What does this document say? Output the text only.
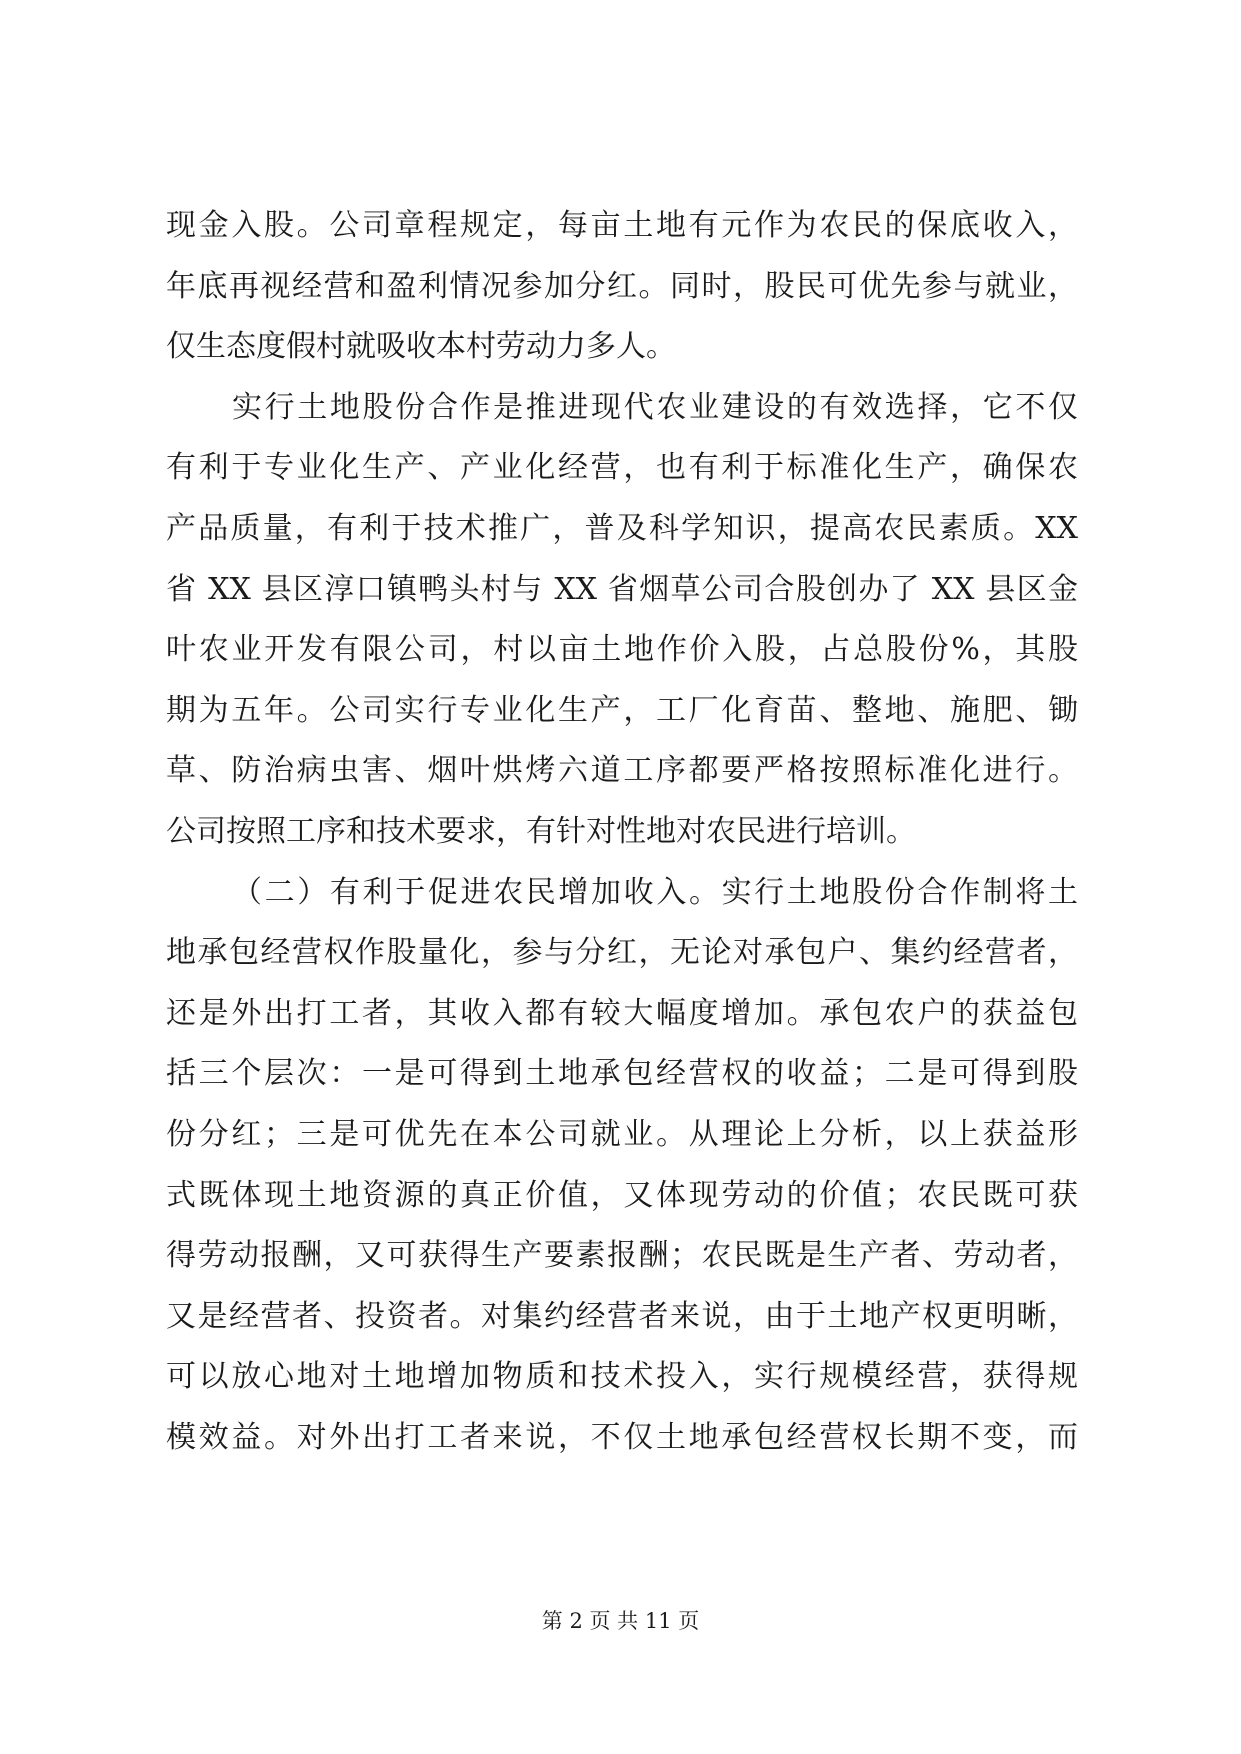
现金入股。公司章程规定，每亩土地有元作为农民的保底收入，
年底再视经营和盈利情况参加分红。同时，股民可优先参与就业，
仅生态度假村就吸收本村劳动力多人。
实行土地股份合作是推进现代农业建设的有效选择，它不仅
有利于专业化生产、产业化经营，也有利于标准化生产，确保农
产品质量，有利于技术推广，普及科学知识，提高农民素质。XX
省 XX 县区淳口镇鸭头村与 XX 省烟草公司合股创办了 XX 县区金
叶农业开发有限公司，村以亩土地作价入股，占总股份%，其股
期为五年。公司实行专业化生产，工厂化育苗、整地、施肥、锄
草、防治病虫害、烟叶烘烤六道工序都要严格按照标准化进行。
公司按照工序和技术要求，有针对性地对农民进行培训。
（二）有利于促进农民增加收入。实行土地股份合作制将土
地承包经营权作股量化，参与分红，无论对承包户、集约经营者，
还是外出打工者，其收入都有较大幅度增加。承包农户的获益包
括三个层次：一是可得到土地承包经营权的收益；二是可得到股
份分红；三是可优先在本公司就业。从理论上分析，以上获益形
式既体现土地资源的真正价值，又体现劳动的价值；农民既可获
得劳动报酬，又可获得生产要素报酬；农民既是生产者、劳动者，
又是经营者、投资者。对集约经营者来说，由于土地产权更明晰，
可以放心地对土地增加物质和技术投入，实行规模经营，获得规
模效益。对外出打工者来说，不仅土地承包经营权长期不变，而
第 2 页 共 11 页
